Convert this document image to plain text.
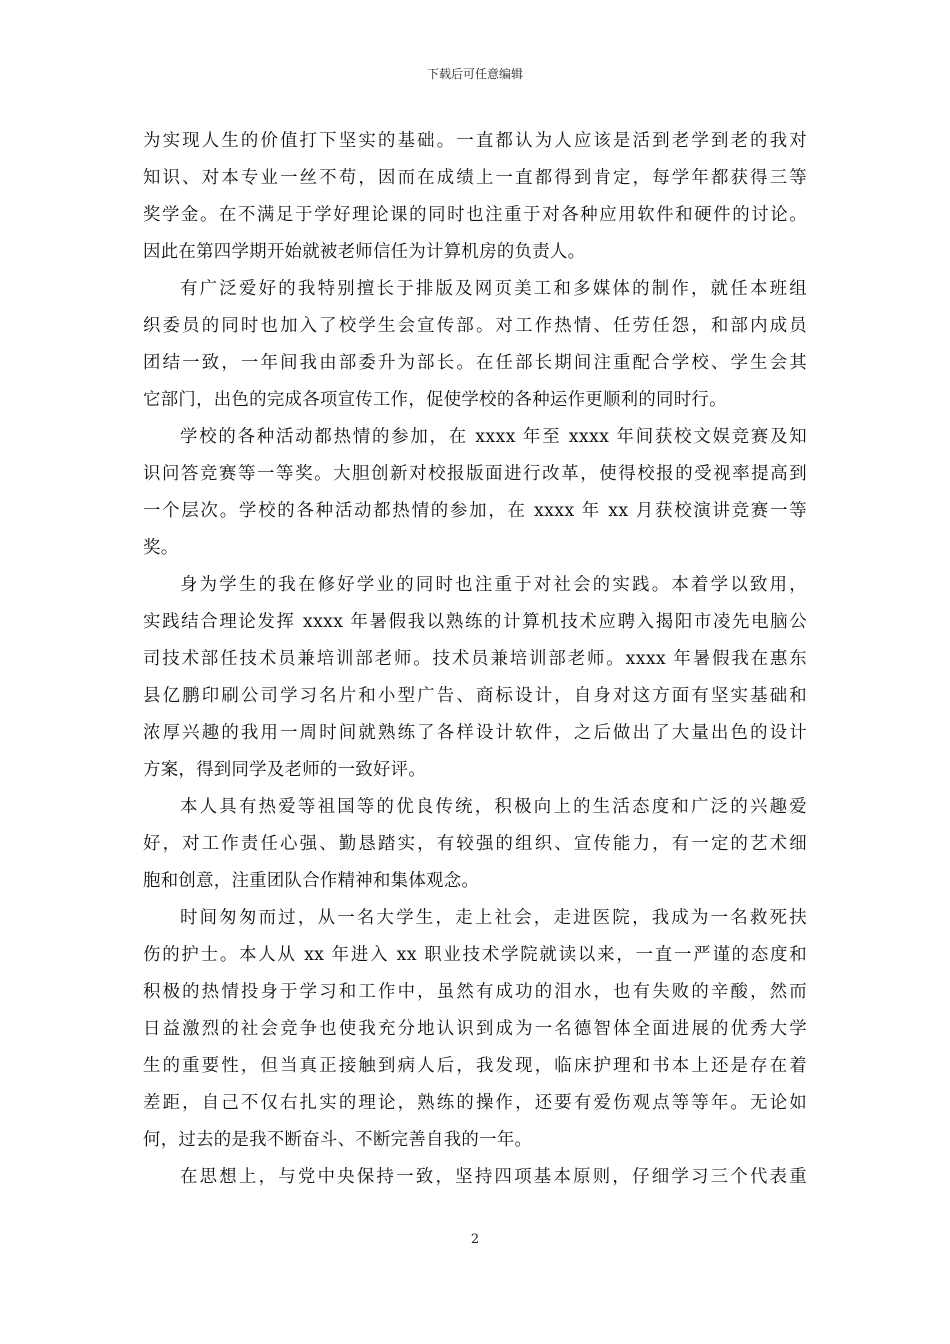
下载后可任意编辑
为实现人生的价值打下坚实的基础。一直都认为人应该是活到老学到老的我对
知识、对本专业一丝不苟，因而在成绩上一直都得到肯定，每学年都获得三等
奖学金。在不满足于学好理论课的同时也注重于对各种应用软件和硬件的讨论。
因此在第四学期开始就被老师信任为计算机房的负责人。
有广泛爱好的我特别擅长于排版及网页美工和多媒体的制作，就任本班组
织委员的同时也加入了校学生会宣传部。对工作热情、任劳任怨，和部内成员
团结一致，一年间我由部委升为部长。在任部长期间注重配合学校、学生会其
它部门，出色的完成各项宣传工作，促使学校的各种运作更顺利的同时行。
学校的各种活动都热情的参加，在 xxxx 年至 xxxx 年间获校文娱竞赛及知
识问答竞赛等一等奖。大胆创新对校报版面进行改革，使得校报的受视率提高到
一个层次。学校的各种活动都热情的参加，在 xxxx 年 xx 月获校演讲竞赛一等
奖。
身为学生的我在修好学业的同时也注重于对社会的实践。本着学以致用，
实践结合理论发挥 xxxx 年暑假我以熟练的计算机技术应聘入揭阳市凌先电脑公
司技术部任技术员兼培训部老师。技术员兼培训部老师。xxxx 年暑假我在惠东
县亿鹏印刷公司学习名片和小型广告、商标设计，自身对这方面有坚实基础和
浓厚兴趣的我用一周时间就熟练了各样设计软件，之后做出了大量出色的设计
方案，得到同学及老师的一致好评。
本人具有热爱等祖国等的优良传统，积极向上的生活态度和广泛的兴趣爱
好，对工作责任心强、勤恳踏实，有较强的组织、宣传能力，有一定的艺术细
胞和创意，注重团队合作精神和集体观念。
时间匆匆而过，从一名大学生，走上社会，走进医院，我成为一名救死扶
伤的护士。本人从 xx 年进入 xx 职业技术学院就读以来，一直一严谨的态度和
积极的热情投身于学习和工作中，虽然有成功的泪水，也有失败的辛酸，然而
日益激烈的社会竞争也使我充分地认识到成为一名德智体全面进展的优秀大学
生的重要性，但当真正接触到病人后，我发现，临床护理和书本上还是存在着
差距，自己不仅右扎实的理论，熟练的操作，还要有爱伤观点等等年。无论如
何，过去的是我不断奋斗、不断完善自我的一年。
在思想上，与党中央保持一致，坚持四项基本原则，仔细学习三个代表重
2
